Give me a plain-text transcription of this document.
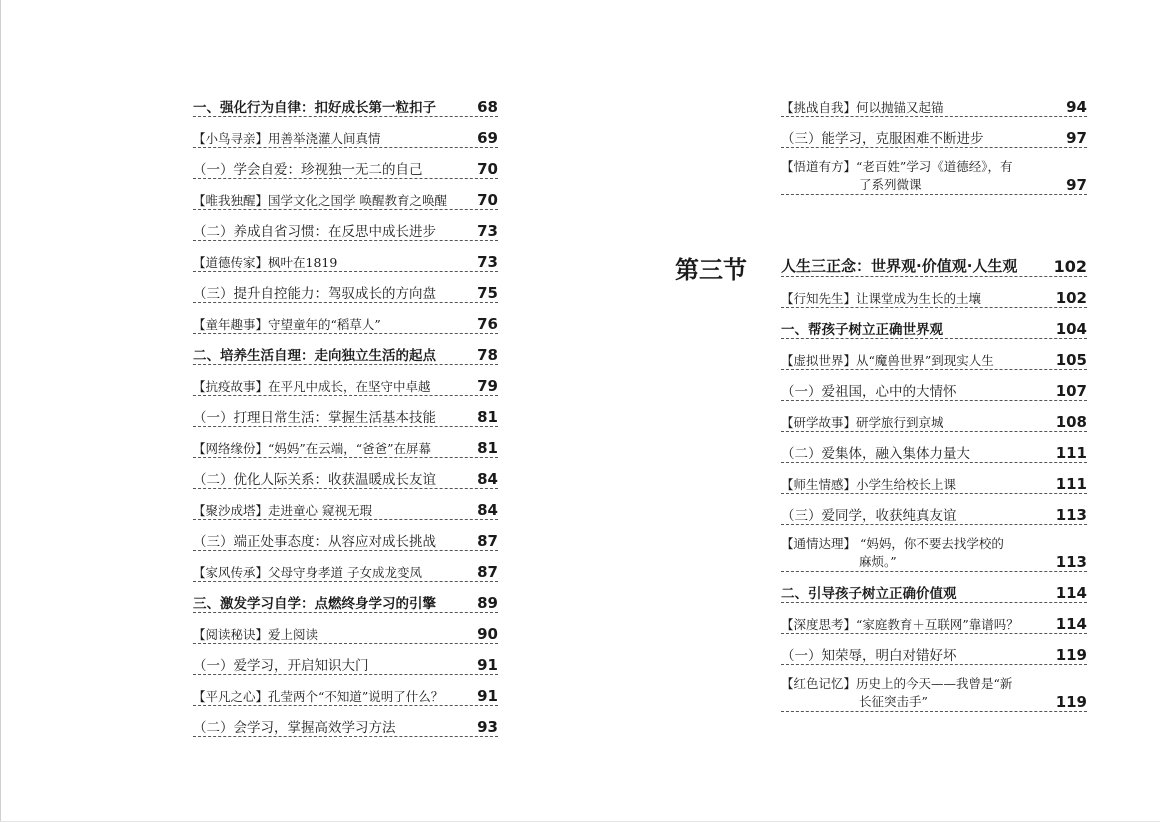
一、强化行为自律：扣好成长第一粒扣子	68
【小鸟寻亲】用善举浇灌人间真情	69
（一）学会自爱：珍视独一无二的自己	70
【唯我独醒】国学文化之国学 唤醒教育之唤醒 70
（二）养成自省习惯：在反思中成长进步	73
【道德传家】枫叶在1819	73
（三）提升自控能力：驾驭成长的方向盘	75
【童年趣事】守望童年的“稻草人”	76
二、培养生活自理：走向独立生活的起点	78
【抗疫故事】在平凡中成长，在坚守中卓越	79
（一）打理日常生活：掌握生活基本技能	81
【网络缘份】“妈妈”在云端，“爸爸”在屏幕	81
（二）优化人际关系：收获温暖成长友谊	84
【聚沙成塔】走进童心 窥视无瑕	84
（三）端正处事态度：从容应对成长挑战	87
【家风传承】父母守身孝道 子女成龙变凤	87
三、激发学习自学：点燃终身学习的引擎	89
【阅读秘诀】爱上阅读	90
（一）爱学习，开启知识大门	91
【平凡之心】孔莹两个“不知道”说明了什么？ 91
（二）会学习，掌握高效学习方法	93
第三节
【挑战自我】何以抛锚又起锚	94
（三）能学习，克服困难不断进步	97
【悟道有方】“老百姓”学习《道德经》，有

了系列微课	97
人生三正念：世界观·价值观·人生观 102
【行知先生】让课堂成为生长的土壤	102
一、帮孩子树立正确世界观	104
【虚拟世界】从“魔兽世界”到现实人生	105
（一）爱祖国，心中的大情怀	107
【研学故事】研学旅行到京城	108
（二）爱集体，融入集体力量大	111
【师生情感】小学生给校长上课	111
（三）爱同学，收获纯真友谊	113
【通情达理】 “妈妈，你不要去找学校的

麻烦。”	113
二、引导孩子树立正确价值观	114
【深度思考】“家庭教育＋互联网”靠谱吗？ 114
（一）知荣辱，明白对错好坏	119
【红色记忆】历史上的今天——我曾是“新

长征突击手”	119
